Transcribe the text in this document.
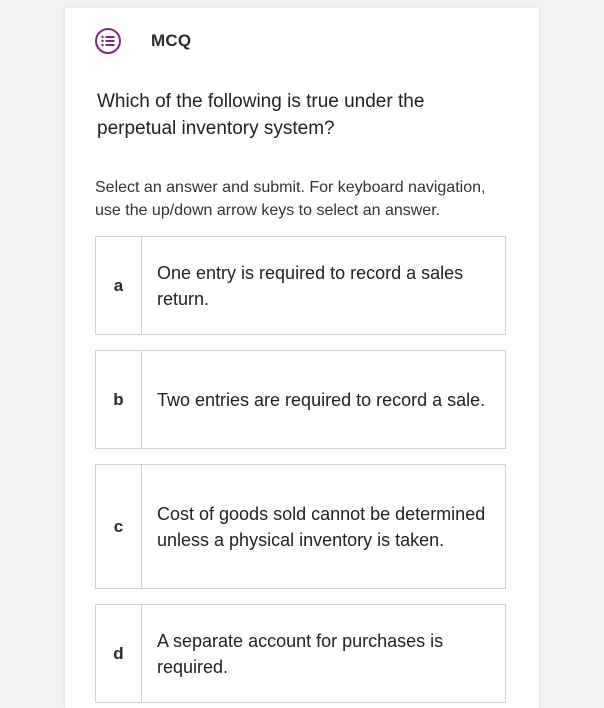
MCQ
Which of the following is true under the perpetual inventory system?
Select an answer and submit. For keyboard navigation, use the up/down arrow keys to select an answer.
a
One entry is required to record a sales return.
b	Two entries are required to record a sale.
c
Cost of goods sold cannot be determined unless a physical inventory is taken.
d
A separate account for purchases is required.
